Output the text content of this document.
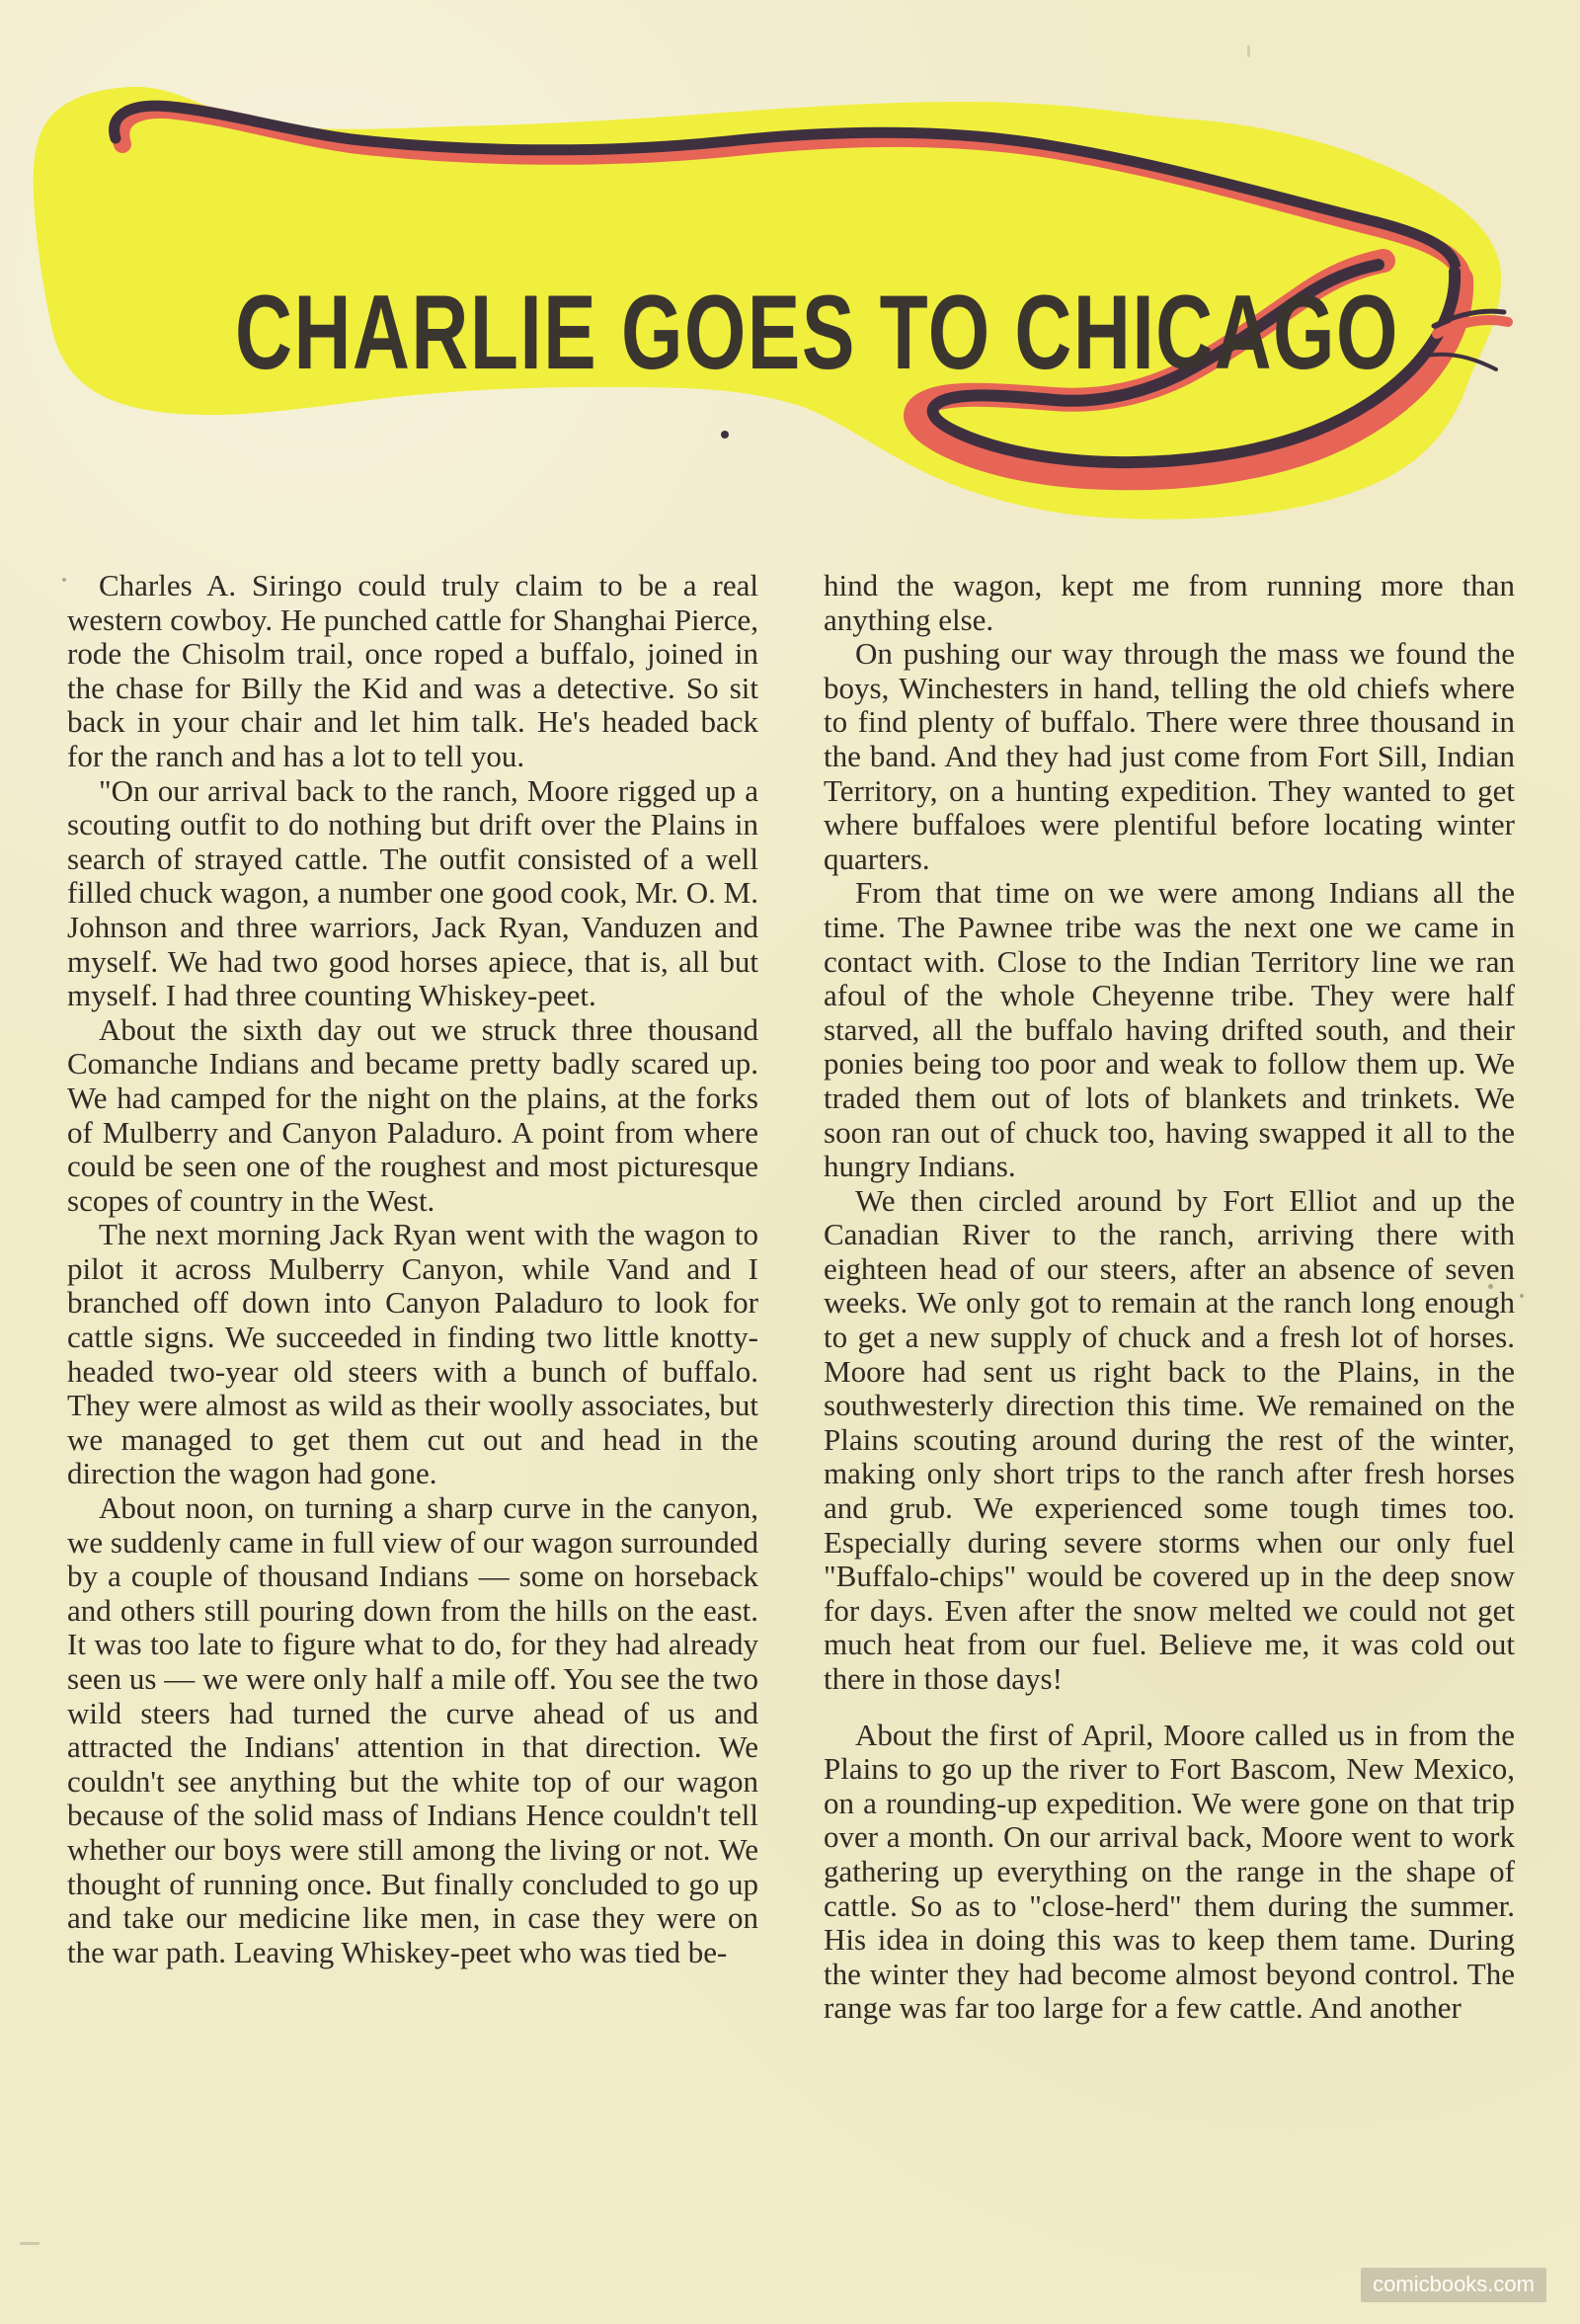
CHARLIE GOES TO CHICAGO

Charles A. Siringo could truly claim to be a real western cowboy. He punched cattle for Shanghai Pierce, rode the Chisolm trail, once roped a buffalo, joined in the chase for Billy the Kid and was a detective. So sit back in your chair and let him talk. He's headed back for the ranch and has a lot to tell you.

"On our arrival back to the ranch, Moore rigged up a scouting outfit to do nothing but drift over the Plains in search of strayed cattle. The outfit consisted of a well filled chuck wagon, a number one good cook, Mr. O. M. Johnson and three warriors, Jack Ryan, Vanduzen and myself. We had two good horses apiece, that is, all but myself. I had three counting Whiskey-peet.

About the sixth day out we struck three thousand Comanche Indians and became pretty badly scared up. We had camped for the night on the plains, at the forks of Mulberry and Canyon Paladuro. A point from where could be seen one of the roughest and most picturesque scopes of country in the West.

The next morning Jack Ryan went with the wagon to pilot it across Mulberry Canyon, while Vand and I branched off down into Canyon Paladuro to look for cattle signs. We succeeded in finding two little knotty-headed two-year old steers with a bunch of buffalo. They were almost as wild as their woolly associates, but we managed to get them cut out and head in the direction the wagon had gone.

About noon, on turning a sharp curve in the canyon, we suddenly came in full view of our wagon surrounded by a couple of thousand Indians — some on horseback and others still pouring down from the hills on the east. It was too late to figure what to do, for they had already seen us — we were only half a mile off. You see the two wild steers had turned the curve ahead of us and attracted the Indians' attention in that direction. We couldn't see anything but the white top of our wagon because of the solid mass of Indians Hence couldn't tell whether our boys were still among the living or not. We thought of running once. But finally concluded to go up and take our medicine like men, in case they were on the war path. Leaving Whiskey-peet who was tied be-

hind the wagon, kept me from running more than anything else.

On pushing our way through the mass we found the boys, Winchesters in hand, telling the old chiefs where to find plenty of buffalo. There were three thousand in the band. And they had just come from Fort Sill, Indian Territory, on a hunting expedition. They wanted to get where buffaloes were plentiful before locating winter quarters.

From that time on we were among Indians all the time. The Pawnee tribe was the next one we came in contact with. Close to the Indian Territory line we ran afoul of the whole Cheyenne tribe. They were half starved, all the buffalo having drifted south, and their ponies being too poor and weak to follow them up. We traded them out of lots of blankets and trinkets. We soon ran out of chuck too, having swapped it all to the hungry Indians.

We then circled around by Fort Elliot and up the Canadian River to the ranch, arriving there with eighteen head of our steers, after an absence of seven weeks. We only got to remain at the ranch long enough to get a new supply of chuck and a fresh lot of horses. Moore had sent us right back to the Plains, in the southwesterly direction this time. We remained on the Plains scouting around during the rest of the winter, making only short trips to the ranch after fresh horses and grub. We experienced some tough times too. Especially during severe storms when our only fuel "Buffalo-chips" would be covered up in the deep snow for days. Even after the snow melted we could not get much heat from our fuel. Believe me, it was cold out there in those days!

About the first of April, Moore called us in from the Plains to go up the river to Fort Bascom, New Mexico, on a rounding-up expedition. We were gone on that trip over a month. On our arrival back, Moore went to work gathering up everything on the range in the shape of cattle. So as to "close-herd" them during the summer. His idea in doing this was to keep them tame. During the winter they had become almost beyond control. The range was far too large for a few cattle. And another

comicbooks.com
